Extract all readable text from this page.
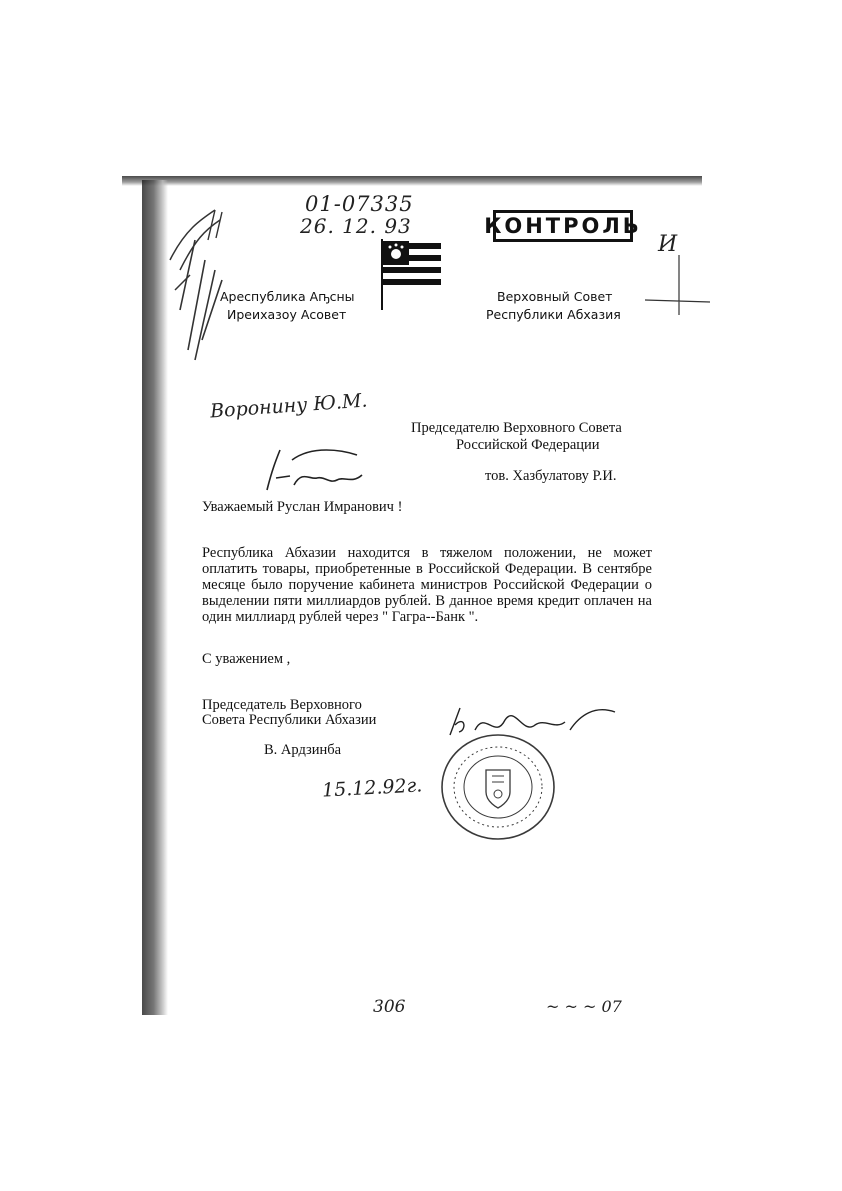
01-07335
26. 12. 93	КОНТРОЛЬ
И
Ареспублика Аҧсны
Иреихазоу Асовет
Верховный Совет
Республики Абхазия
Воронину Ю.М.
Председателю Верховного Совета
Российской Федерации
тов. Хазбулатову Р.И.
Уважаемый Руслан Имранович !
Республика Абхазии находится в тяжелом положении, не может оплатить товары, приобретенные в Российской Федерации. В сентябре месяце было поручение кабинета министров Российской Федерации о выделении пяти миллиардов рублей. В данное время кредит оплачен на один миллиард рублей через " Гагра--Банк ".
С уважением ,
Председатель Верховного
Совета Республики Абхазии
В. Ардзинба
15.12.92г.
306	~ ~ ~ 07
